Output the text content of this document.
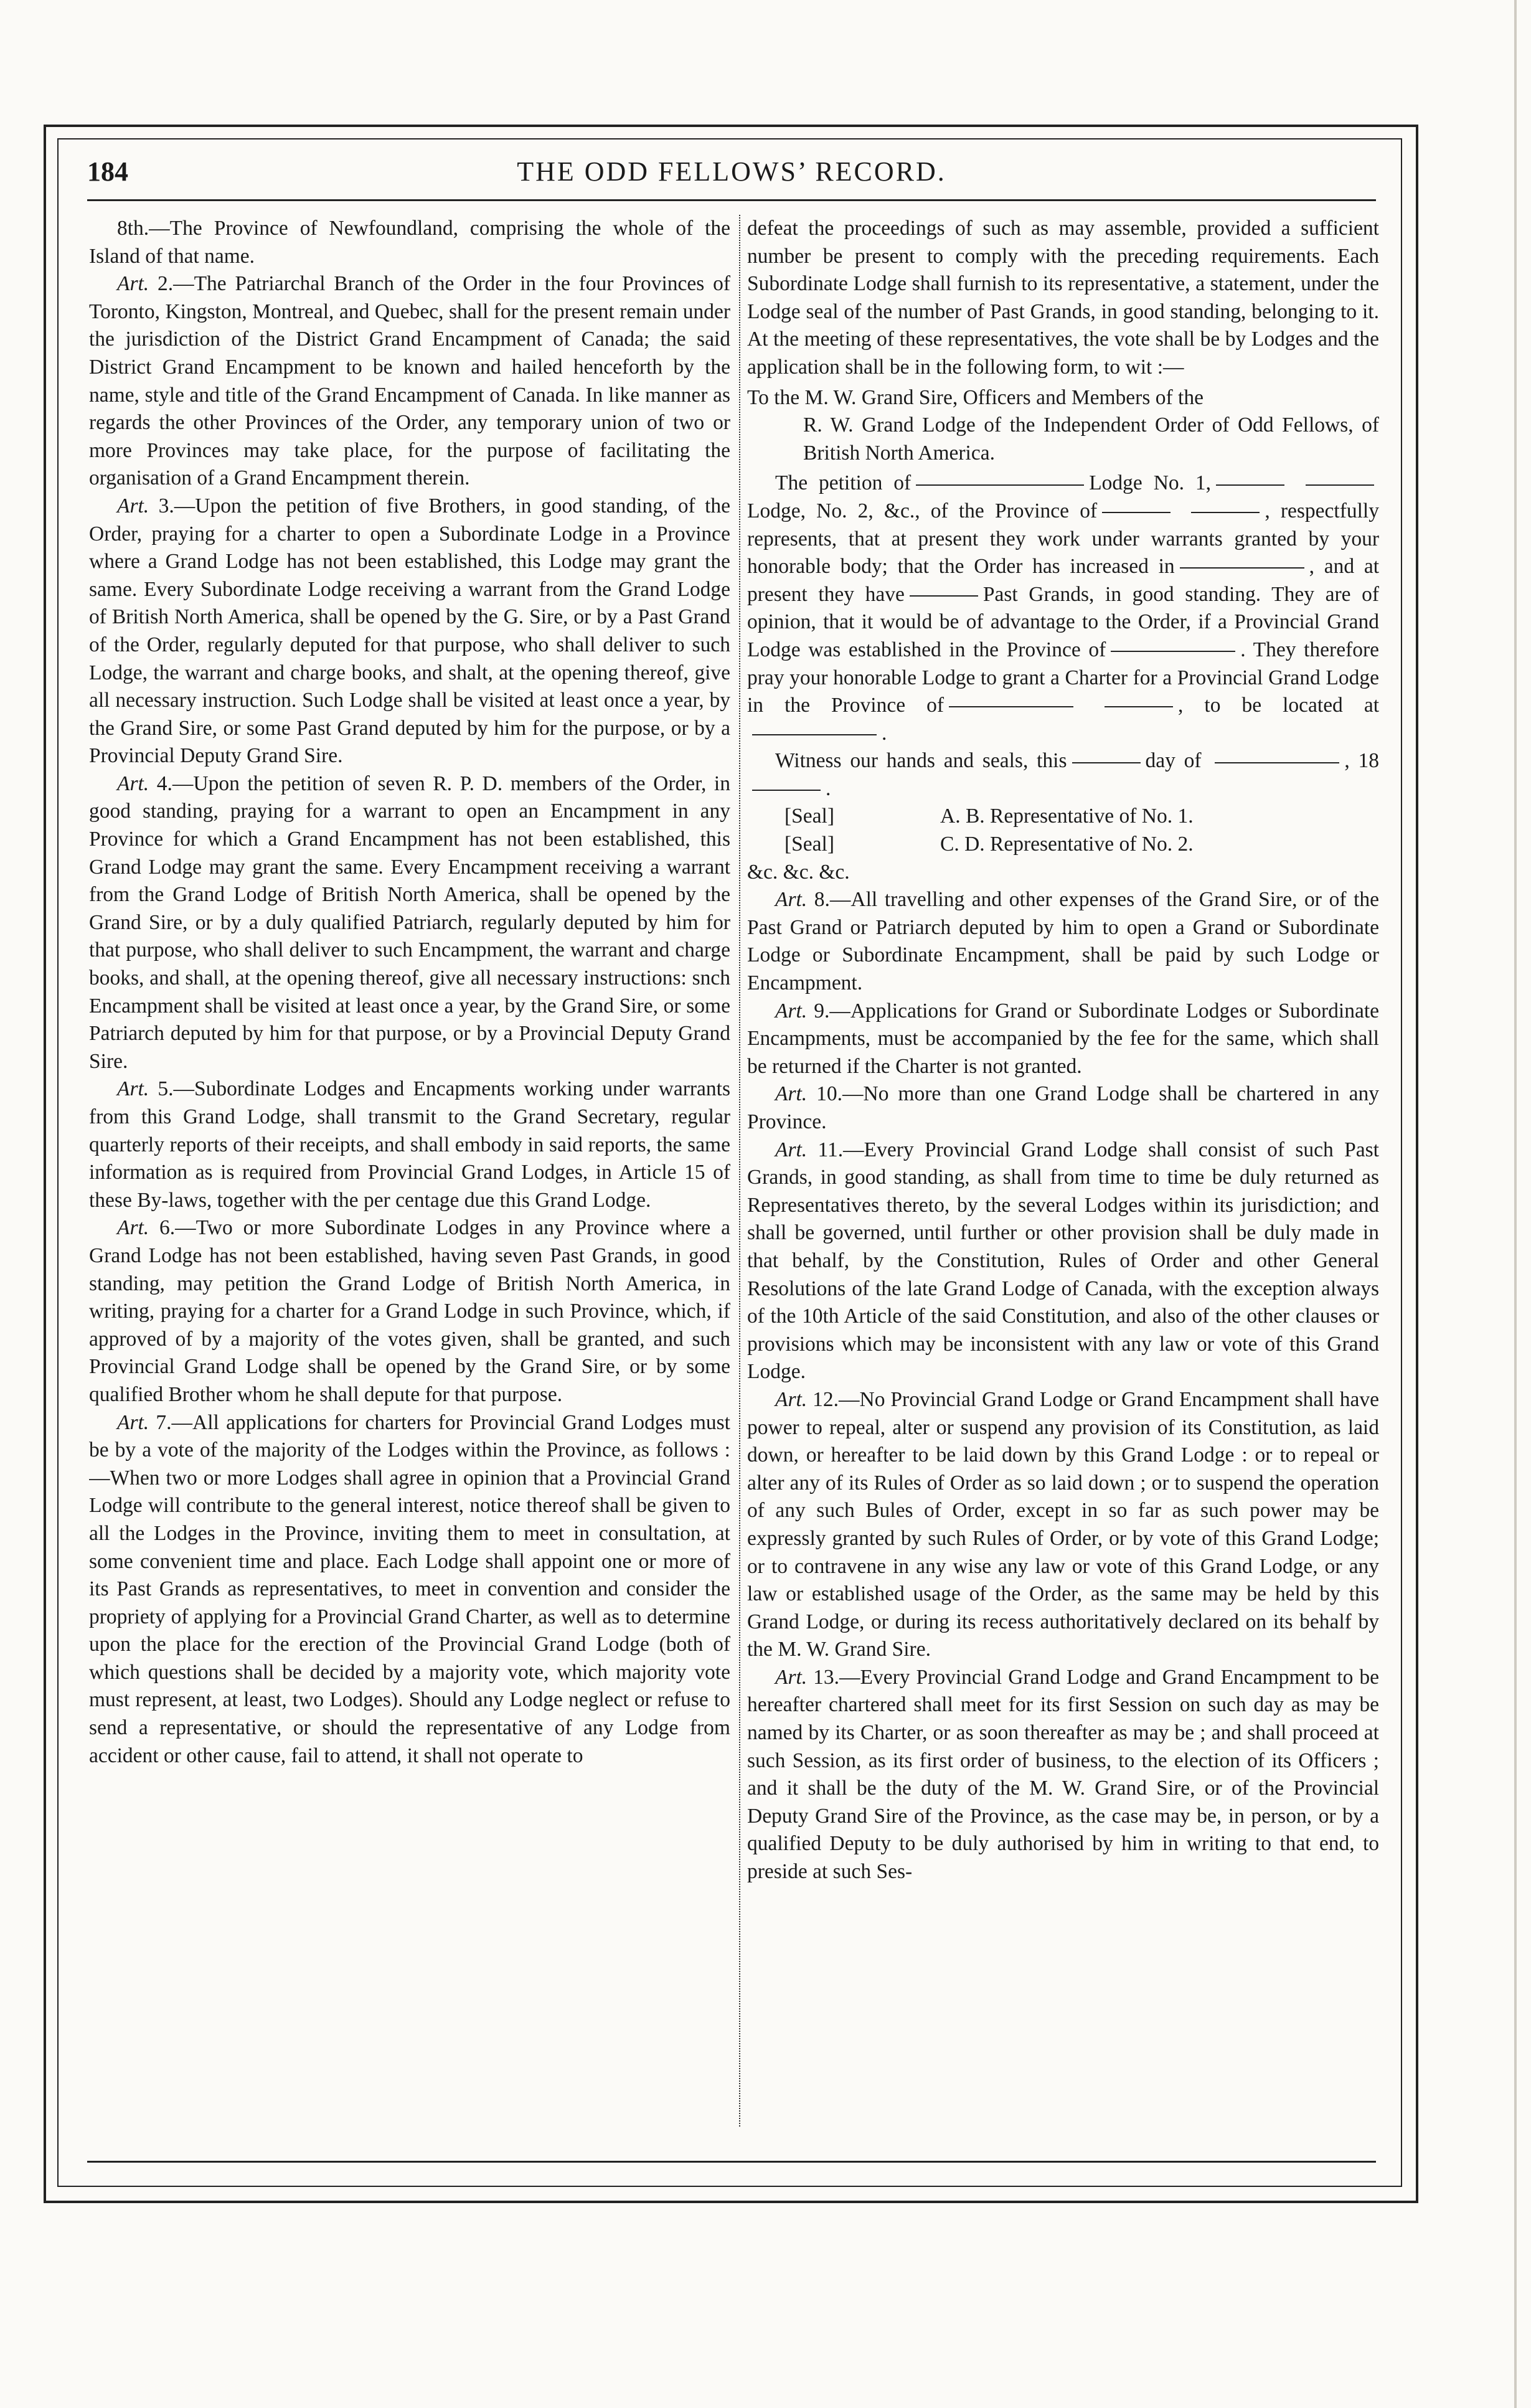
184	THE ODD FELLOWS’ RECORD.

8th.—The Province of Newfoundland, comprising the whole of the Island of that name.

Art. 2.—The Patriarchal Branch of the Order in the four Provinces of Toronto, Kingston, Montreal, and Quebec, shall for the present remain under the jurisdiction of the District Grand Encampment of Canada; the said District Grand Encampment to be known and hailed henceforth by the name, style and title of the Grand Encampment of Canada. In like manner as regards the other Provinces of the Order, any temporary union of two or more Provinces may take place, for the purpose of facilitating the organisation of a Grand Encampment therein.

Art. 3.—Upon the petition of five Brothers, in good standing, of the Order, praying for a charter to open a Subordinate Lodge in a Province where a Grand Lodge has not been established, this Lodge may grant the same. Every Subordinate Lodge receiving a warrant from the Grand Lodge of British North America, shall be opened by the G. Sire, or by a Past Grand of the Order, regularly deputed for that purpose, who shall deliver to such Lodge, the warrant and charge books, and shalt, at the opening thereof, give all necessary instruction. Such Lodge shall be visited at least once a year, by the Grand Sire, or some Past Grand deputed by him for the purpose, or by a Provincial Deputy Grand Sire.

Art. 4.—Upon the petition of seven R. P. D. members of the Order, in good standing, praying for a warrant to open an Encampment in any Province for which a Grand Encampment has not been established, this Grand Lodge may grant the same. Every Encampment receiving a warrant from the Grand Lodge of British North America, shall be opened by the Grand Sire, or by a duly qualified Patriarch, regularly deputed by him for that purpose, who shall deliver to such Encampment, the warrant and charge books, and shall, at the opening thereof, give all necessary instructions: snch Encampment shall be visited at least once a year, by the Grand Sire, or some Patriarch deputed by him for that purpose, or by a Provincial Deputy Grand Sire.

Art. 5.—Subordinate Lodges and Encapments working under warrants from this Grand Lodge, shall transmit to the Grand Secretary, regular quarterly reports of their receipts, and shall embody in said reports, the same information as is required from Provincial Grand Lodges, in Article 15 of these By-laws, together with the per centage due this Grand Lodge.

Art. 6.—Two or more Subordinate Lodges in any Province where a Grand Lodge has not been established, having seven Past Grands, in good standing, may petition the Grand Lodge of British North America, in writing, praying for a charter for a Grand Lodge in such Province, which, if approved of by a majority of the votes given, shall be granted, and such Provincial Grand Lodge shall be opened by the Grand Sire, or by some qualified Brother whom he shall depute for that purpose.

Art. 7.—All applications for charters for Provincial Grand Lodges must be by a vote of the majority of the Lodges within the Province, as follows :—When two or more Lodges shall agree in opinion that a Provincial Grand Lodge will contribute to the general interest, notice thereof shall be given to all the Lodges in the Province, inviting them to meet in consultation, at some convenient time and place. Each Lodge shall appoint one or more of its Past Grands as representatives, to meet in convention and consider the propriety of applying for a Provincial Grand Charter, as well as to determine upon the place for the erection of the Provincial Grand Lodge (both of which questions shall be decided by a majority vote, which majority vote must represent, at least, two Lodges). Should any Lodge neglect or refuse to send a representative, or should the representative of any Lodge from accident or other cause, fail to attend, it shall not operate to

defeat the proceedings of such as may assemble, provided a sufficient number be present to comply with the preceding requirements. Each Subordinate Lodge shall furnish to its representative, a statement, under the Lodge seal of the number of Past Grands, in good standing, belonging to it. At the meeting of these representatives, the vote shall be by Lodges and the application shall be in the following form, to wit :—

To the M. W. Grand Sire, Officers and Members of the

R. W. Grand Lodge of the Independent Order of Odd Fellows, of British North America.

The petition of	Lodge No. 1, Lodge, No. 2, &c., of the Province of	, respectfully represents, that at present they work under warrants granted by your honorable body; that the Order has increased in	, and at present they have	Past Grands, in good standing. They are of opinion, that it would be of advantage to the Order, if a Provincial Grand Lodge was established in the Province of	. They therefore pray your honorable Lodge to grant a Charter for a Provincial Grand Lodge in the Province of	, to be located at.

Witness our hands and seals, this	day of	, 18.

[Seal]	A. B. Representative of No. 1.
[Seal]	C. D. Representative of No. 2.

&c. &c. &c.

Art. 8.—All travelling and other expenses of the Grand Sire, or of the Past Grand or Patriarch deputed by him to open a Grand or Subordinate Lodge or Subordinate Encampment, shall be paid by such Lodge or Encampment.

Art. 9.—Applications for Grand or Subordinate Lodges or Subordinate Encampments, must be accompanied by the fee for the same, which shall be returned if the Charter is not granted.

Art. 10.—No more than one Grand Lodge shall be chartered in any Province.

Art. 11.—Every Provincial Grand Lodge shall consist of such Past Grands, in good standing, as shall from time to time be duly returned as Representatives thereto, by the several Lodges within its jurisdiction; and shall be governed, until further or other provision shall be duly made in that behalf, by the Constitution, Rules of Order and other General Resolutions of the late Grand Lodge of Canada, with the exception always of the 10th Article of the said Constitution, and also of the other clauses or provisions which may be inconsistent with any law or vote of this Grand Lodge.

Art. 12.—No Provincial Grand Lodge or Grand Encampment shall have power to repeal, alter or suspend any provision of its Constitution, as laid down, or hereafter to be laid down by this Grand Lodge : or to repeal or alter any of its Rules of Order as so laid down ; or to suspend the operation of any such Bules of Order, except in so far as such power may be expressly granted by such Rules of Order, or by vote of this Grand Lodge; or to contravene in any wise any law or vote of this Grand Lodge, or any law or established usage of the Order, as the same may be held by this Grand Lodge, or during its recess authoritatively declared on its behalf by the M. W. Grand Sire.

Art. 13.—Every Provincial Grand Lodge and Grand Encampment to be hereafter chartered shall meet for its first Session on such day as may be named by its Charter, or as soon thereafter as may be ; and shall proceed at such Session, as its first order of business, to the election of its Officers ; and it shall be the duty of the M. W. Grand Sire, or of the Provincial Deputy Grand Sire of the Province, as the case may be, in person, or by a qualified Deputy to be duly authorised by him in writing to that end, to preside at such Ses-
